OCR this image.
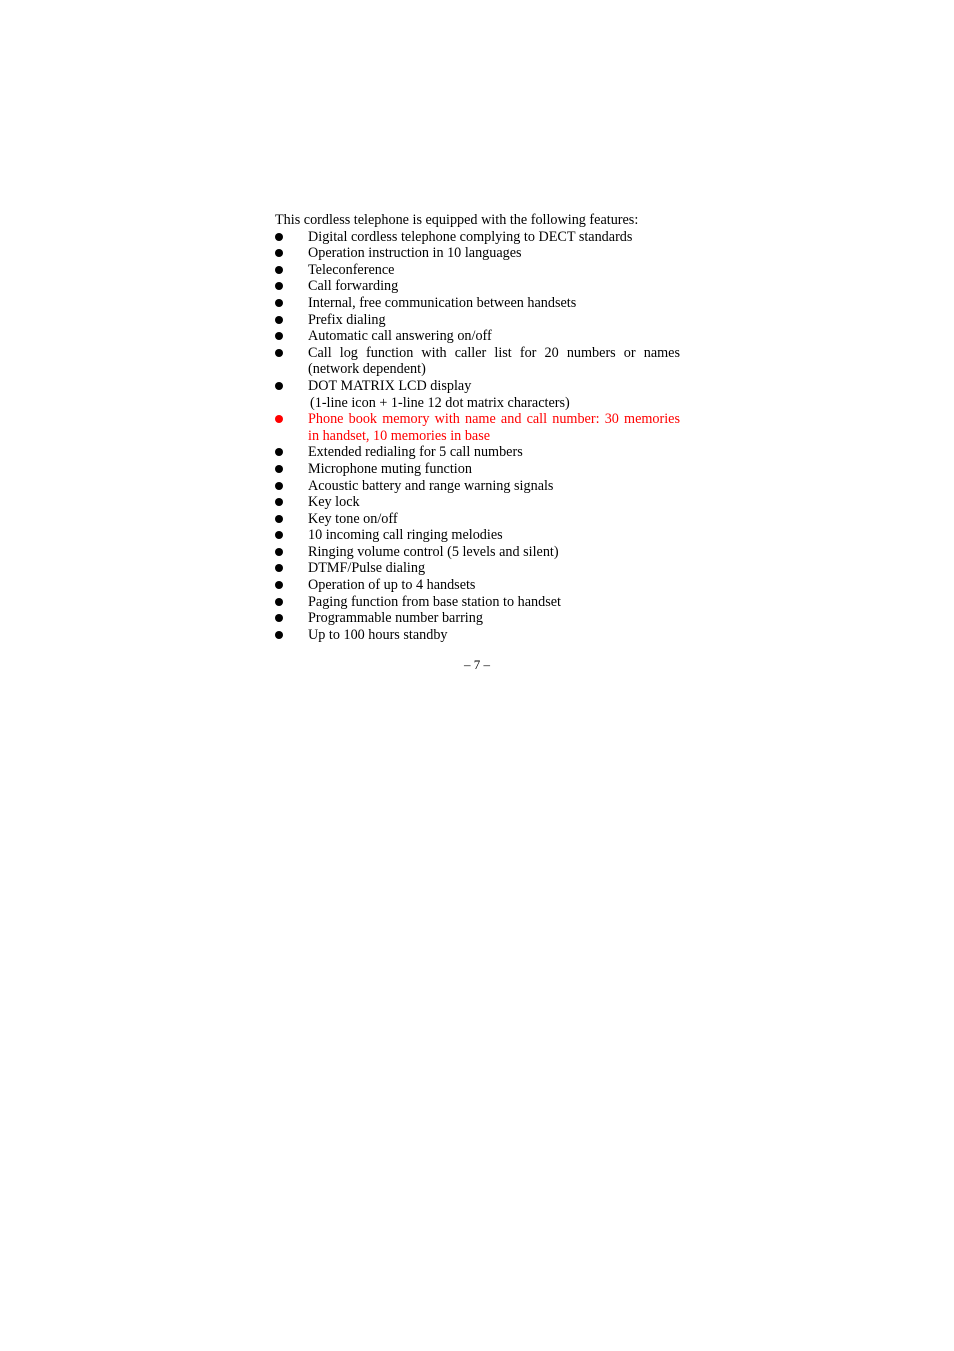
This cordless telephone is equipped with the following features:

Digital cordless telephone complying to DECT standards
Operation instruction in 10 languages
Teleconference
Call forwarding
Internal, free communication between handsets
Prefix dialing
Automatic call answering on/off
Call log function with caller list for 20 numbers or names
(network dependent)
DOT MATRIX LCD display
(1-line icon + 1-line 12 dot matrix characters)
Phone book memory with name and call number: 30 memories
in handset, 10 memories in base
Extended redialing for 5 call numbers
Microphone muting function
Acoustic battery and range warning signals
Key lock
Key tone on/off
10 incoming call ringing melodies
Ringing volume control (5 levels and silent)
DTMF/Pulse dialing
Operation of up to 4 handsets
Paging function from base station to handset
Programmable number barring
Up to 100 hours standby
– 7 –
